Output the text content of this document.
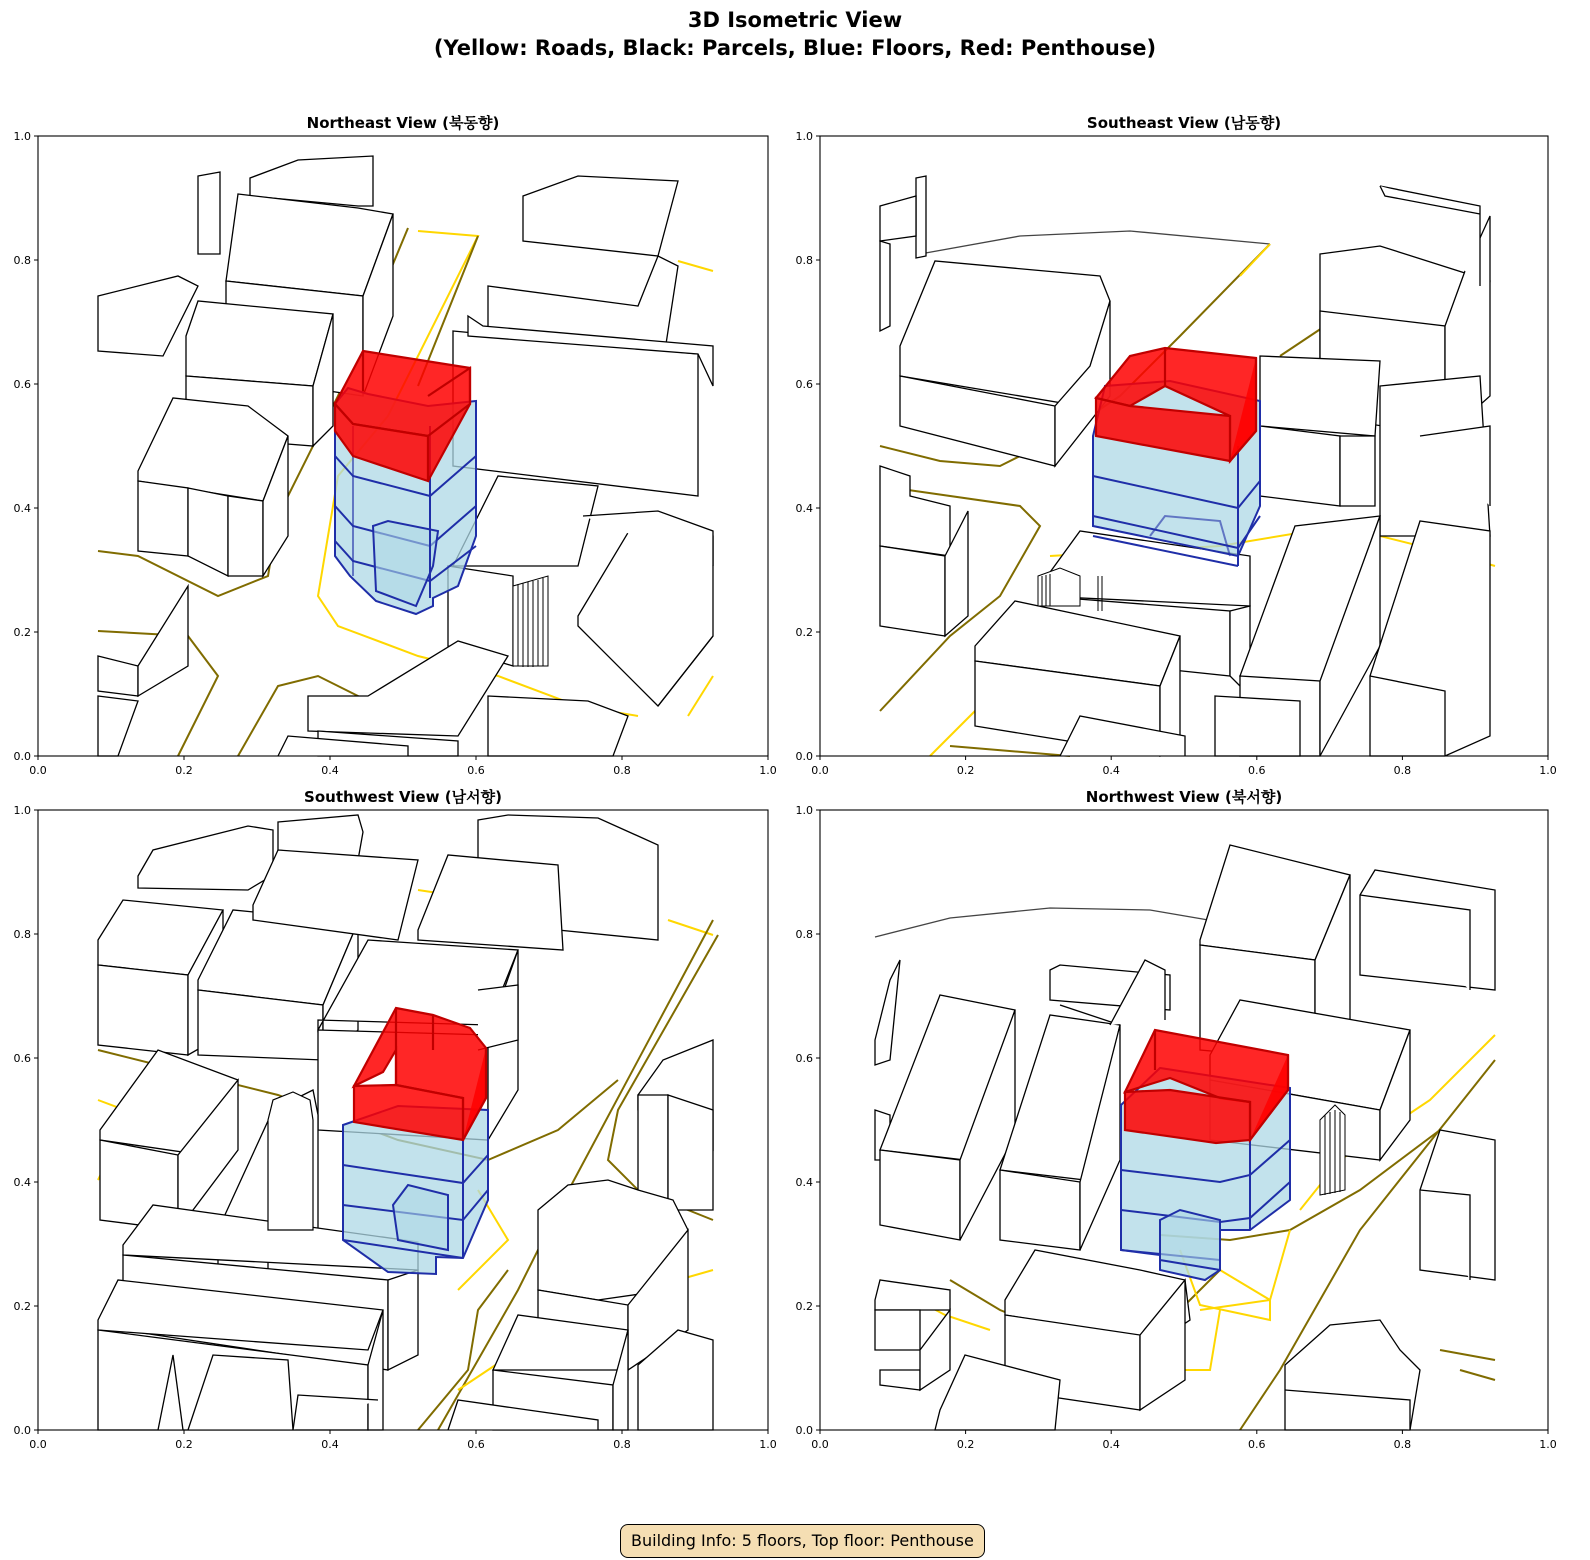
3D Isometric View
(Yellow: Roads, Black: Parcels, Blue: Floors, Red: Penthouse)
Northeast View (북동향)	Southeast View (남동향)
Southwest View (남서향)	Northwest View (북서향)
0.0	0.2	0.4	0.6	0.8	1.0
0.0
0.2
0.4
0.6
0.8
1.0
0.0	0.2	0.4	0.6	0.8	1.0
0.0
0.2
0.4
0.6
0.8
1.0
0.0	0.2	0.4	0.6	0.8	1.0
0.0
0.2
0.4
0.6
0.8
1.0
0.0	0.2	0.4	0.6	0.8	1.0
0.0
0.2
0.4
0.6
0.8
1.0
Building Info: 5 floors, Top floor: Penthouse
